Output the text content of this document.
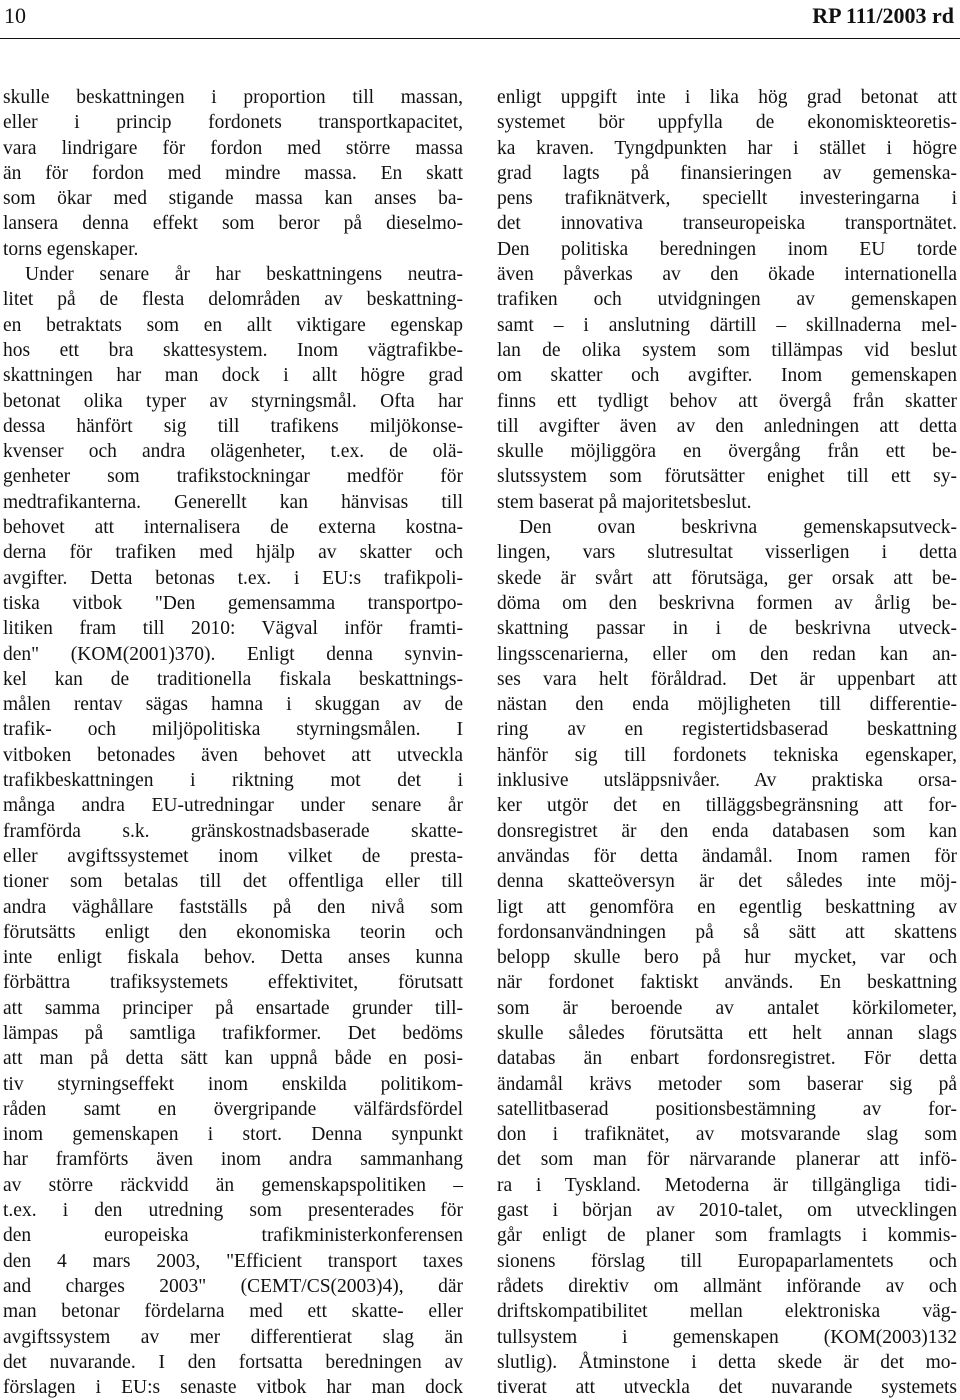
10	RP 111/2003 rd
skulle beskattningen i proportion till massan,
eller i princip fordonets transportkapacitet,
vara lindrigare för fordon med större massa
än för fordon med mindre massa. En skatt
som ökar med stigande massa kan anses ba-
lansera denna effekt som beror på dieselmo-
torns egenskaper.
Under senare år har beskattningens neutra-
litet på de flesta delområden av beskattning-
en betraktats som en allt viktigare egenskap
hos ett bra skattesystem. Inom vägtrafikbe-
skattningen har man dock i allt högre grad
betonat olika typer av styrningsmål. Ofta har
dessa hänfört sig till trafikens miljökonse-
kvenser och andra olägenheter, t.ex. de olä-
genheter som trafikstockningar medför för
medtrafikanterna. Generellt kan hänvisas till
behovet att internalisera de externa kostna-
derna för trafiken med hjälp av skatter och
avgifter. Detta betonas t.ex. i EU:s trafikpoli-
tiska vitbok "Den gemensamma transportpo-
litiken fram till 2010: Vägval inför framti-
den" (KOM(2001)370). Enligt denna synvin-
kel kan de traditionella fiskala beskattnings-
målen rentav sägas hamna i skuggan av de
trafik- och miljöpolitiska styrningsmålen. I
vitboken betonades även behovet att utveckla
trafikbeskattningen i riktning mot det i
många andra EU-utredningar under senare år
framförda s.k. gränskostnadsbaserade skatte-
eller avgiftssystemet inom vilket de presta-
tioner som betalas till det offentliga eller till
andra väghållare fastställs på den nivå som
förutsätts enligt den ekonomiska teorin och
inte enligt fiskala behov. Detta anses kunna
förbättra trafiksystemets effektivitet, förutsatt
att samma principer på ensartade grunder till-
lämpas på samtliga trafikformer. Det bedöms
att man på detta sätt kan uppnå både en posi-
tiv styrningseffekt inom enskilda politikom-
råden samt en övergripande välfärdsfördel
inom gemenskapen i stort. Denna synpunkt
har framförts även inom andra sammanhang
av större räckvidd än gemenskapspolitiken –
t.ex. i den utredning som presenterades för
den europeiska trafikministerkonferensen
den 4 mars 2003, "Efficient transport taxes
and charges 2003" (CEMT/CS(2003)4), där
man betonar fördelarna med ett skatte- eller
avgiftssystem av mer differentierat slag än
det nuvarande. I den fortsatta beredningen av
förslagen i EU:s senaste vitbok har man dock
enligt uppgift inte i lika hög grad betonat att
systemet bör uppfylla de ekonomiskteoretis-
ka kraven. Tyngdpunkten har i stället i högre
grad lagts på finansieringen av gemenska-
pens trafiknätverk, speciellt investeringarna i
det innovativa transeuropeiska transportnätet.
Den politiska beredningen inom EU torde
även påverkas av den ökade internationella
trafiken och utvidgningen av gemenskapen
samt – i anslutning därtill – skillnaderna mel-
lan de olika system som tillämpas vid beslut
om skatter och avgifter. Inom gemenskapen
finns ett tydligt behov att övergå från skatter
till avgifter även av den anledningen att detta
skulle möjliggöra en övergång från ett be-
slutssystem som förutsätter enighet till ett sy-
stem baserat på majoritetsbeslut.
Den ovan beskrivna gemenskapsutveck-
lingen, vars slutresultat visserligen i detta
skede är svårt att förutsäga, ger orsak att be-
döma om den beskrivna formen av årlig be-
skattning passar in i de beskrivna utveck-
lingsscenarierna, eller om den redan kan an-
ses vara helt föråldrad. Det är uppenbart att
nästan den enda möjligheten till differentie-
ring av en registertidsbaserad beskattning
hänför sig till fordonets tekniska egenskaper,
inklusive utsläppsnivåer. Av praktiska orsa-
ker utgör det en tilläggsbegränsning att for-
donsregistret är den enda databasen som kan
användas för detta ändamål. Inom ramen för
denna skatteöversyn är det således inte möj-
ligt att genomföra en egentlig beskattning av
fordonsanvändningen på så sätt att skattens
belopp skulle bero på hur mycket, var och
när fordonet faktiskt används. En beskattning
som är beroende av antalet körkilometer,
skulle således förutsätta ett helt annan slags
databas än enbart fordonsregistret. För detta
ändamål krävs metoder som baserar sig på
satellitbaserad positionsbestämning av for-
don i trafiknätet, av motsvarande slag som
det som man för närvarande planerar att infö-
ra i Tyskland. Metoderna är tillgängliga tidi-
gast i början av 2010-talet, om utvecklingen
går enligt de planer som framlagts i kommis-
sionens förslag till Europaparlamentets och
rådets direktiv om allmänt införande av och
driftskompatibilitet mellan elektroniska väg-
tullsystem i gemenskapen (KOM(2003)132
slutlig). Åtminstone i detta skede är det mo-
tiverat att utveckla det nuvarande systemets
